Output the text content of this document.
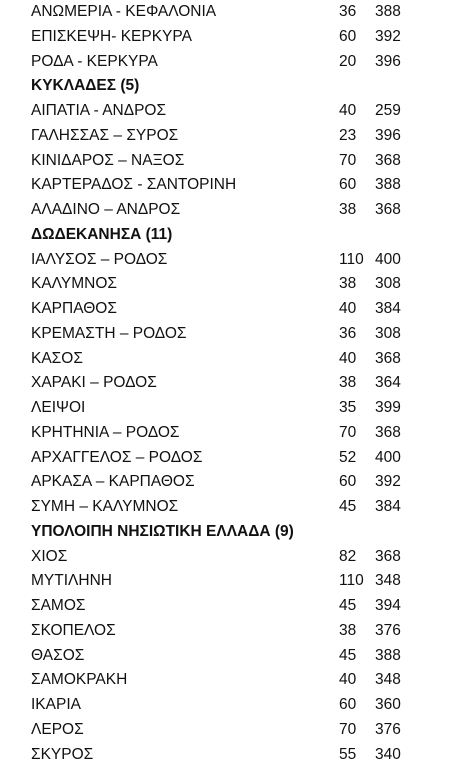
ΑΝΩΜΕΡΙΑ - ΚΕΦΑΛΟΝΙΑ	36	388
ΕΠΙΣΚΕΨΗ- ΚΕΡΚΥΡΑ	60	392
ΡΟΔΑ - ΚΕΡΚΥΡΑ	20	396
ΚΥΚΛΑΔΕΣ (5)
ΑΙΠΑΤΙΑ - ΑΝΔΡΟΣ	40	259
ΓΑΛΗΣΣΑΣ – ΣΥΡΟΣ	23	396
ΚΙΝΙΔΑΡΟΣ – ΝΑΞΟΣ	70	368
ΚΑΡΤΕΡΑΔΟΣ - ΣΑΝΤΟΡΙΝΗ	60	388
ΑΛΑΔΙΝΟ – ΑΝΔΡΟΣ	38	368
ΔΩΔΕΚΑΝΗΣΑ (11)
ΙΑΛΥΣΟΣ – ΡΟΔΟΣ	110 400
ΚΑΛΥΜΝΟΣ	38	308
ΚΑΡΠΑΘΟΣ	40	384
ΚΡΕΜΑΣΤΗ – ΡΟΔΟΣ	36	308
ΚΑΣΟΣ	40	368
ΧΑΡΑΚΙ – ΡΟΔΟΣ	38	364
ΛΕΙΨΟΙ	35	399
ΚΡΗΤΗΝΙΑ – ΡΟΔΟΣ	70	368
ΑΡΧΑΓΓΕΛΟΣ – ΡΟΔΟΣ	52	400
ΑΡΚΑΣΑ – ΚΑΡΠΑΘΟΣ	60	392
ΣΥΜΗ – ΚΑΛΥΜΝΟΣ	45	384
ΥΠΟΛΟΙΠΗ ΝΗΣΙΩΤΙΚΗ ΕΛΛΑΔΑ (9)
ΧΙΟΣ	82	368
ΜΥΤΙΛΗΝΗ	110 348
ΣΑΜΟΣ	45	394
ΣΚΟΠΕΛΟΣ	38	376
ΘΑΣΟΣ	45	388
ΣΑΜΟΚΡΑΚΗ	40	348
ΙΚΑΡΙΑ	60	360
ΛΕΡΟΣ	70	376
ΣΚΥΡΟΣ	55	340
